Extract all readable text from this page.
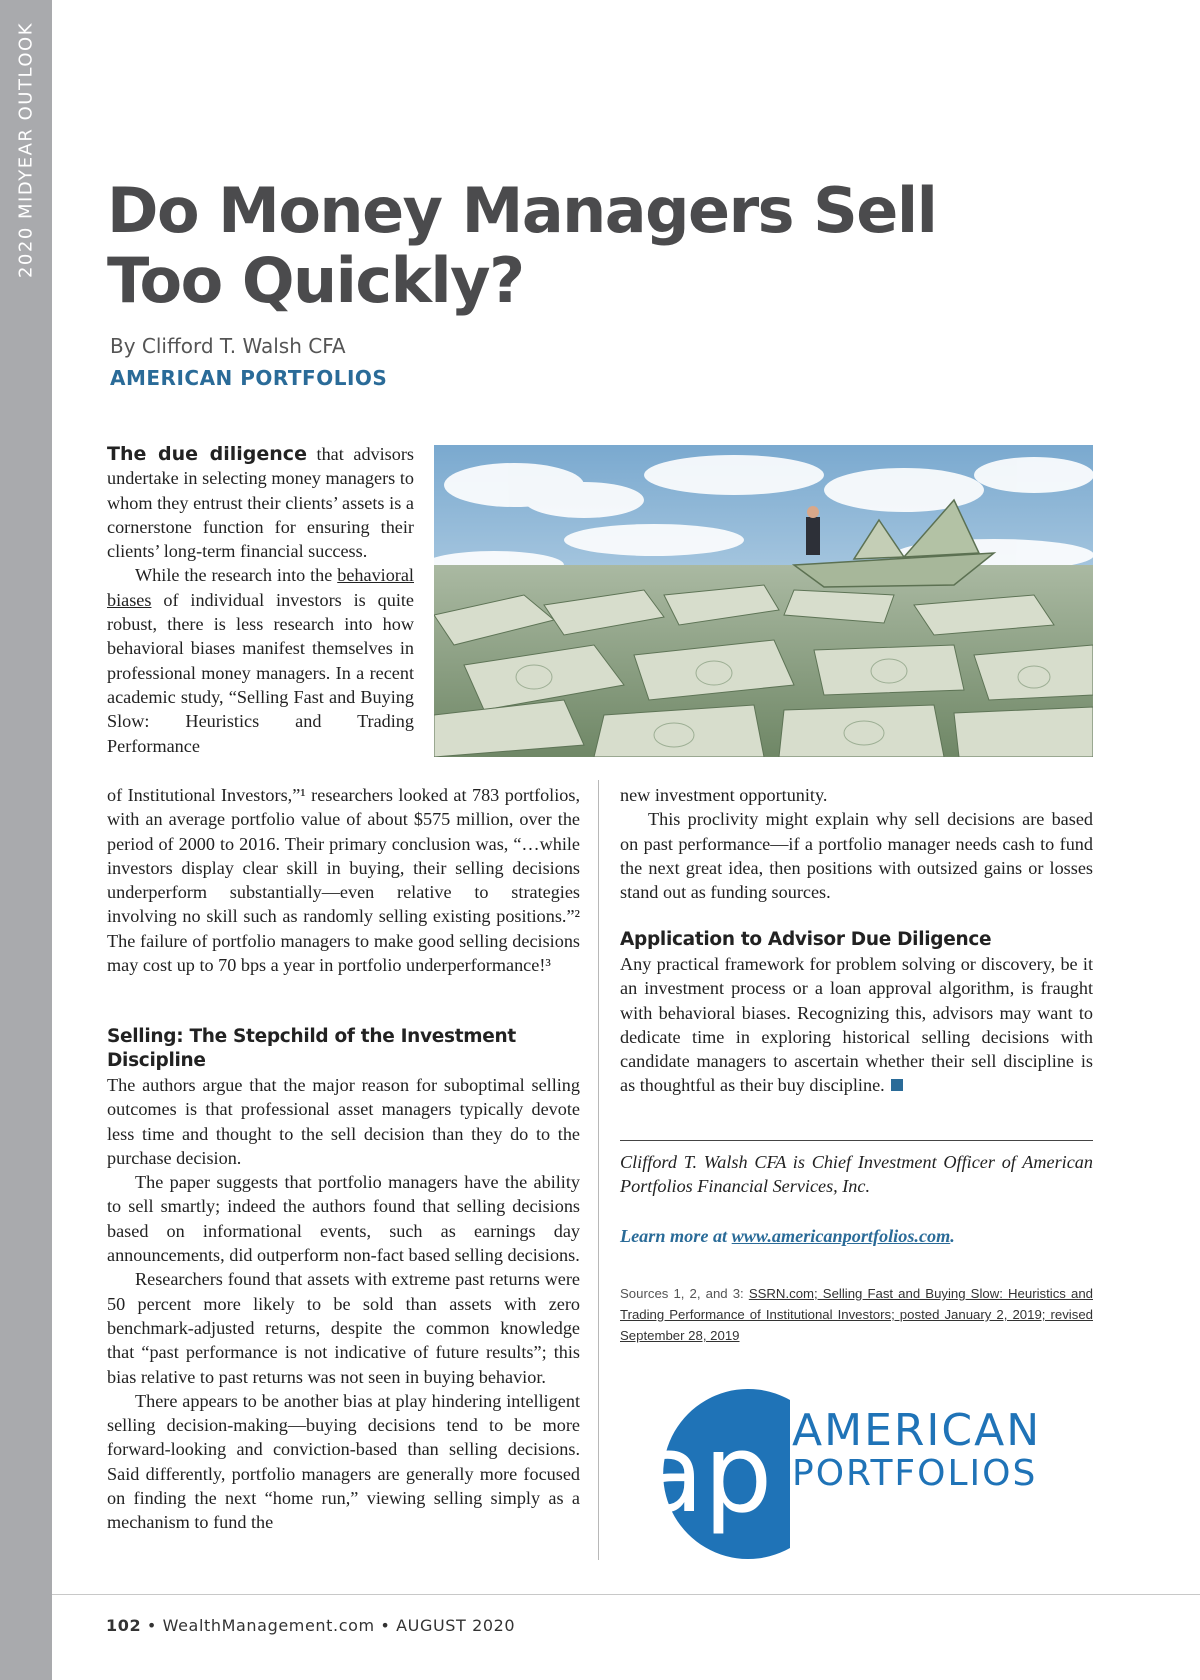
2020 MIDYEAR OUTLOOK Do Money Managers Sell Too Quickly?
By Clifford T. Walsh CFA
AMERICAN PORTFOLIOS

The due diligence that advisors undertake in selecting money managers to whom they entrust their clients’ assets is a cornerstone function for ensuring their clients’ long-term financial success.

While the research into the behavioral biases of individual investors is quite robust, there is less research into how behavioral biases manifest themselves in professional money managers. In a recent academic study, “Selling Fast and Buying Slow: Heuristics and Trading Performance

of Institutional Investors,”¹ researchers looked at 783 portfolios, with an average portfolio value of about $575 million, over the period of 2000 to 2016. Their primary conclusion was, “…while investors display clear skill in buying, their selling decisions underperform substantially—even relative to strategies involving no skill such as randomly selling existing positions.”² The failure of portfolio managers to make good selling decisions may cost up to 70 bps a year in portfolio underperformance!³

Selling: The Stepchild of the Investment Discipline

The authors argue that the major reason for suboptimal selling outcomes is that professional asset managers typically devote less time and thought to the sell decision than they do to the purchase decision.

The paper suggests that portfolio managers have the ability to sell smartly; indeed the authors found that selling decisions based on informational events, such as earnings day announcements, did outperform non-fact based selling decisions.

Researchers found that assets with extreme past returns were 50 percent more likely to be sold than assets with zero benchmark-adjusted returns, despite the common knowledge that “past performance is not indicative of future results”; this bias relative to past returns was not seen in buying behavior.

There appears to be another bias at play hindering intelligent selling decision-making—buying decisions tend to be more forward-looking and conviction-based than selling decisions. Said differently, portfolio managers are generally more focused on finding the next “home run,” viewing selling simply as a mechanism to fund the

new investment opportunity.

This proclivity might explain why sell decisions are based on past performance—if a portfolio manager needs cash to fund the next great idea, then positions with outsized gains or losses stand out as funding sources.

Application to Advisor Due Diligence

Any practical framework for problem solving or discovery, be it an investment process or a loan approval algorithm, is fraught with behavioral biases. Recognizing this, advisors may want to dedicate time in exploring historical selling decisions with candidate managers to ascertain whether their sell discipline is as thoughtful as their buy discipline.

Clifford T. Walsh CFA is Chief Investment Officer of American Portfolios Financial Services, Inc.

Learn more at www.americanportfolios.com.
Sources 1, 2, and 3: SSRN.com; Selling Fast and Buying Slow: Heuristics and Trading Performance of Institutional Investors; posted January 2, 2019; revised September 28, 2019
ap AMERICAN
PORTFOLIOS
102 • WealthManagement.com • AUGUST 2020
